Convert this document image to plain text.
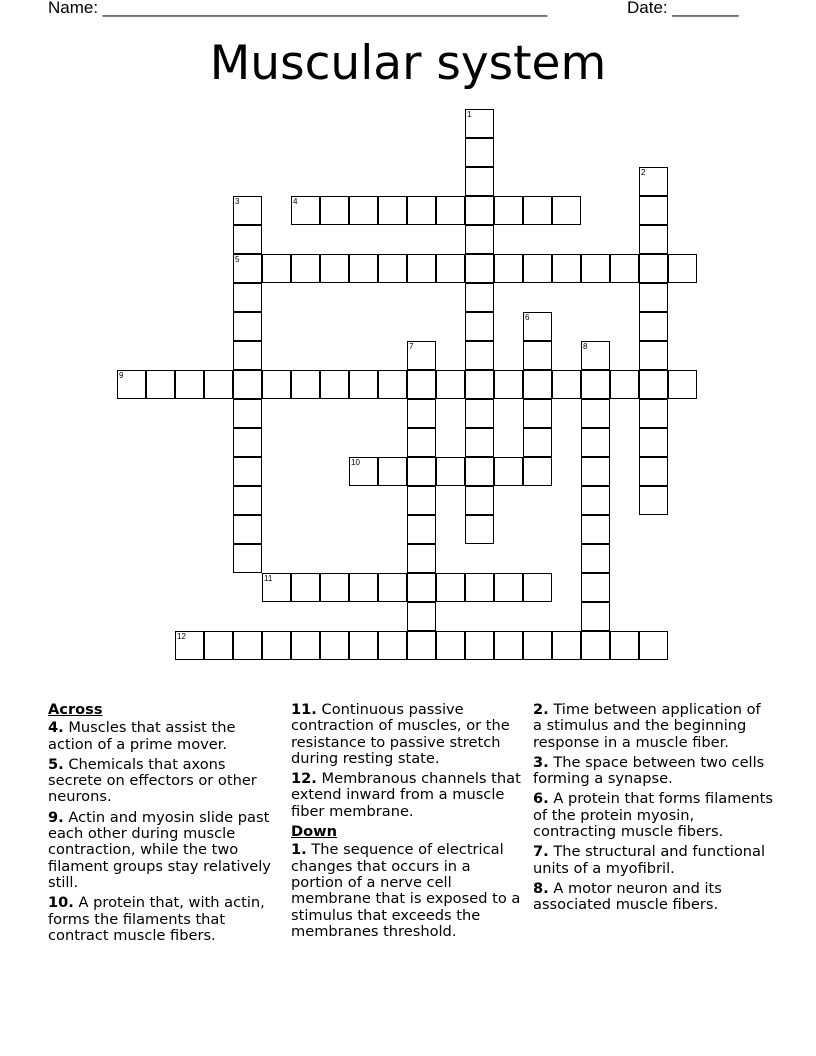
Name: _______________________________________________	Date: _______
Muscular system
1
2
3
5
4
6
7	8
9
10
11
12
Across
4. Muscles that assist the action of a prime mover.
5. Chemicals that axons secrete on effectors or other neurons.
9. Actin and myosin slide past each other during muscle contraction, while the two filament groups stay relatively still.
10. A protein that, with actin, forms the filaments that contract muscle fibers.
11. Continuous passive contraction of muscles, or the resistance to passive stretch during resting state.
12. Membranous channels that extend inward from a muscle fiber membrane.
Down
1. The sequence of electrical changes that occurs in a portion of a nerve cell membrane that is exposed to a stimulus that exceeds the membranes threshold.
2. Time between application of a stimulus and the beginning response in a muscle fiber.
3. The space between two cells forming a synapse.
6. A protein that forms filaments of the protein myosin, contracting muscle fibers.
7. The structural and functional units of a myofibril.
8. A motor neuron and its associated muscle fibers.
